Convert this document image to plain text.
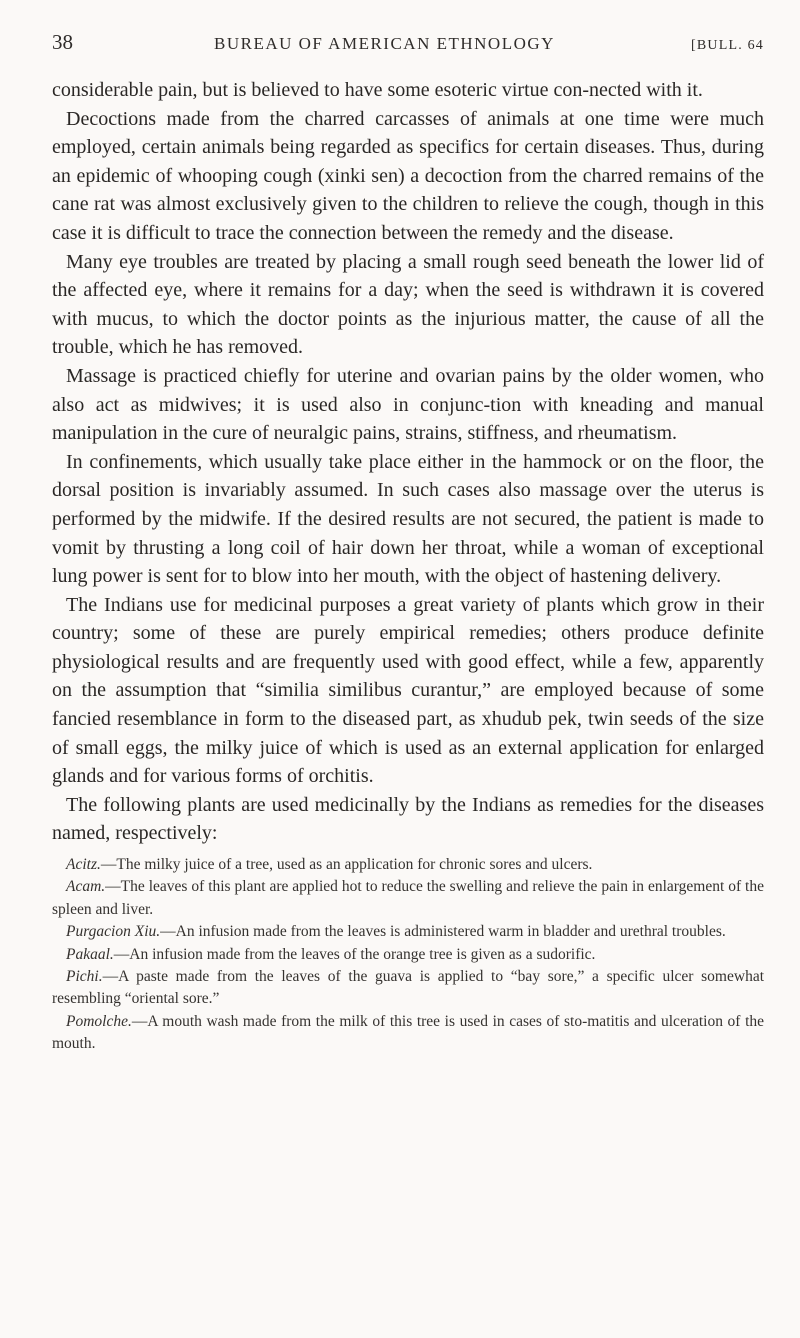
38	BUREAU OF AMERICAN ETHNOLOGY	[BULL. 64

considerable pain, but is believed to have some esoteric virtue con-nected with it.

Decoctions made from the charred carcasses of animals at one time were much employed, certain animals being regarded as specifics for certain diseases. Thus, during an epidemic of whooping cough (xinki sen) a decoction from the charred remains of the cane rat was almost exclusively given to the children to relieve the cough, though in this case it is difficult to trace the connection between the remedy and the disease.

Many eye troubles are treated by placing a small rough seed beneath the lower lid of the affected eye, where it remains for a day; when the seed is withdrawn it is covered with mucus, to which the doctor points as the injurious matter, the cause of all the trouble, which he has removed.

Massage is practiced chiefly for uterine and ovarian pains by the older women, who also act as midwives; it is used also in conjunc-tion with kneading and manual manipulation in the cure of neuralgic pains, strains, stiffness, and rheumatism.

In confinements, which usually take place either in the hammock or on the floor, the dorsal position is invariably assumed. In such cases also massage over the uterus is performed by the midwife. If the desired results are not secured, the patient is made to vomit by thrusting a long coil of hair down her throat, while a woman of exceptional lung power is sent for to blow into her mouth, with the object of hastening delivery.

The Indians use for medicinal purposes a great variety of plants which grow in their country; some of these are purely empirical remedies; others produce definite physiological results and are frequently used with good effect, while a few, apparently on the assumption that “similia similibus curantur,” are employed because of some fancied resemblance in form to the diseased part, as xhudub pek, twin seeds of the size of small eggs, the milky juice of which is used as an external application for enlarged glands and for various forms of orchitis.

The following plants are used medicinally by the Indians as remedies for the diseases named, respectively:

Acitz.—The milky juice of a tree, used as an application for chronic sores and ulcers.

Acam.—The leaves of this plant are applied hot to reduce the swelling and relieve the pain in enlargement of the spleen and liver.

Purgacion Xiu.—An infusion made from the leaves is administered warm in bladder and urethral troubles.

Pakaal.—An infusion made from the leaves of the orange tree is given as a sudorific.

Pichi.—A paste made from the leaves of the guava is applied to “bay sore,” a specific ulcer somewhat resembling “oriental sore.”

Pomolche.—A mouth wash made from the milk of this tree is used in cases of sto-matitis and ulceration of the mouth.
